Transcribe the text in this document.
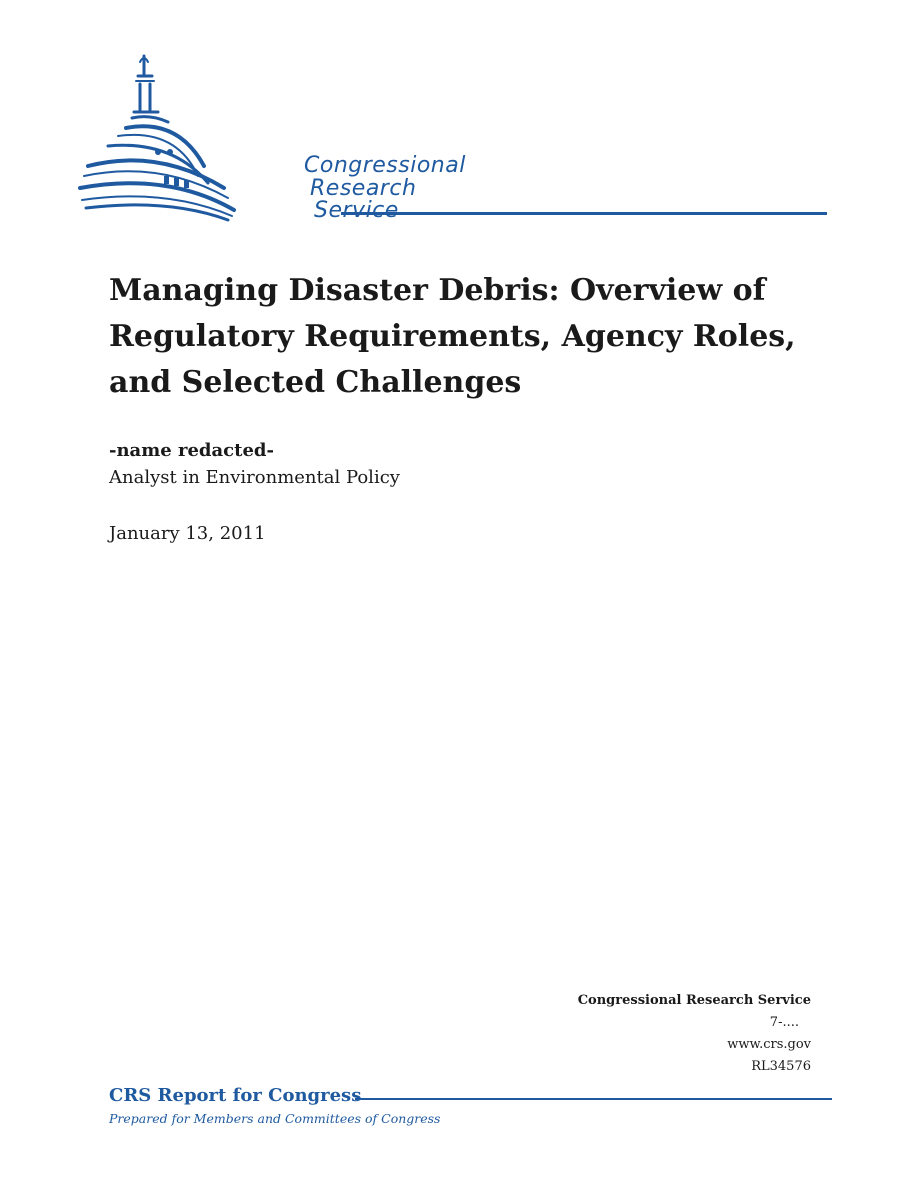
Congressional
Research
Service
Managing Disaster Debris: Overview of Regulatory Requirements, Agency Roles, and Selected Challenges
-name redacted-
Analyst in Environmental Policy
January 13, 2011
Congressional Research Service
7-....
www.crs.gov
RL34576
CRS Report for Congress
Prepared for Members and Committees of Congress
